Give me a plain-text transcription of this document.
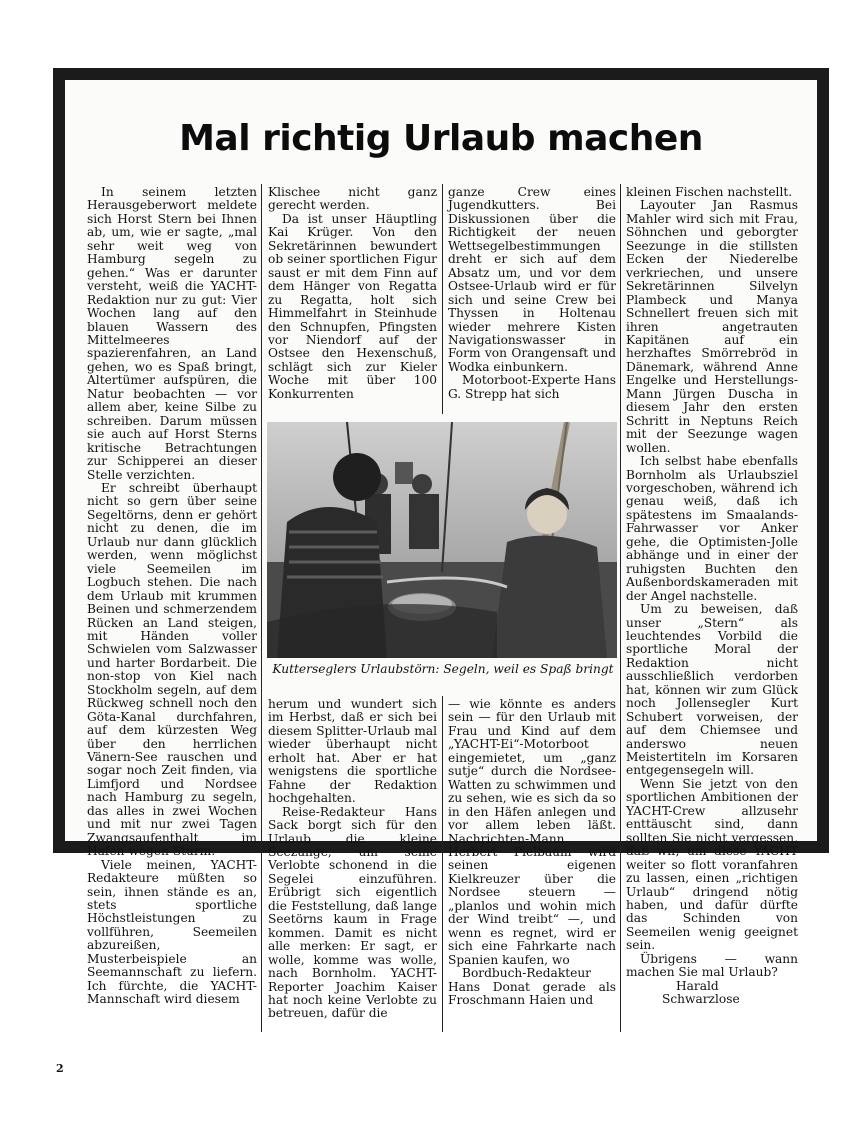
Mal richtig Urlaub machen

In seinem letzten Herausgeberwort meldete sich Horst Stern bei Ihnen ab, um, wie er sagte, „mal sehr weit weg von Hamburg segeln zu gehen.“ Was er darunter versteht, weiß die YACHT-Redaktion nur zu gut: Vier Wochen lang auf den blauen Wassern des Mittelmeeres spazierenfahren, an Land gehen, wo es Spaß bringt, Altertümer aufspüren, die Natur beobachten — vor allem aber, keine Silbe zu schreiben. Darum müssen sie auch auf Horst Sterns kritische Betrachtungen zur Schipperei an dieser Stelle verzichten.

Er schreibt überhaupt nicht so gern über seine Segeltörns, denn er gehört nicht zu denen, die im Urlaub nur dann glücklich werden, wenn möglichst viele Seemeilen im Logbuch stehen. Die nach dem Urlaub mit krummen Beinen und schmerzendem Rücken an Land steigen, mit Händen voller Schwielen vom Salzwasser und harter Bordarbeit. Die non-stop von Kiel nach Stockholm segeln, auf dem Rückweg schnell noch den Göta-Kanal durchfahren, auf dem kürzesten Weg über den herrlichen Vänern-See rauschen und sogar noch Zeit finden, via Limfjord und Nordsee nach Hamburg zu segeln, das alles in zwei Wochen und mit nur zwei Tagen Zwangsaufenthalt im Hafen wegen Sturm.

Viele meinen, YACHT-Redakteure müßten so sein, ihnen stände es an, stets sportliche Höchstleistungen zu vollführen, Seemeilen abzureißen, Musterbeispiele an Seemannschaft zu liefern. Ich fürchte, die YACHT-Mannschaft wird diesem

Klischee nicht ganz gerecht werden.

Da ist unser Häuptling Kai Krüger. Von den Sekretärinnen bewundert ob seiner sportlichen Figur saust er mit dem Finn auf dem Hänger von Regatta zu Regatta, holt sich Himmelfahrt in Steinhude den Schnupfen, Pfingsten vor Niendorf auf der Ostsee den Hexenschuß, schlägt sich zur Kieler Woche mit über 100 Konkurrenten

ganze Crew eines Jugendkutters. Bei Diskussionen über die Richtigkeit der neuen Wettsegelbestimmungen dreht er sich auf dem Absatz um, und vor dem Ostsee-Urlaub wird er für sich und seine Crew bei Thyssen in Holtenau wieder mehrere Kisten Navigationswasser in Form von Orangensaft und Wodka einbunkern.

Motorboot-Experte Hans G. Strepp hat sich

Kutterseglers Urlaubstörn: Segeln, weil es Spaß bringt

herum und wundert sich im Herbst, daß er sich bei diesem Splitter-Urlaub mal wieder überhaupt nicht erholt hat. Aber er hat wenigstens die sportliche Fahne der Redaktion hochgehalten.

Reise-Redakteur Hans Sack borgt sich für den Urlaub die kleine Seezunge, um seine Verlobte schonend in die Segelei einzuführen. Erübrigt sich eigentlich die Feststellung, daß lange Seetörns kaum in Frage kommen. Damit es nicht alle merken: Er sagt, er wolle, komme was wolle, nach Bornholm. YACHT-Reporter Joachim Kaiser hat noch keine Verlobte zu betreuen, dafür die

— wie könnte es anders sein — für den Urlaub mit Frau und Kind auf dem „YACHT-Ei“-Motorboot eingemietet, um „ganz sutje“ durch die Nordsee-Watten zu schwimmen und zu sehen, wie es sich da so in den Häfen anlegen und vor allem leben läßt. Nachrichten-Mann Herbert Pielbaum wird seinen eigenen Kielkreuzer über die Nordsee steuern — „planlos und wohin mich der Wind treibt“ —, und wenn es regnet, wird er sich eine Fahrkarte nach Spanien kaufen, wo

Bordbuch-Redakteur Hans Donat gerade als Froschmann Haien und

kleinen Fischen nachstellt.

Layouter Jan Rasmus Mahler wird sich mit Frau, Söhnchen und geborgter Seezunge in die stillsten Ecken der Niederelbe verkriechen, und unsere Sekretärinnen Silvelyn Plambeck und Manya Schnellert freuen sich mit ihren angetrauten Kapitänen auf ein herzhaftes Smörrebröd in Dänemark, während Anne Engelke und Herstellungs-Mann Jürgen Duscha in diesem Jahr den ersten Schritt in Neptuns Reich mit der Seezunge wagen wollen.

Ich selbst habe ebenfalls Bornholm als Urlaubsziel vorgeschoben, während ich genau weiß, daß ich spätestens im Smaalands-Fahrwasser vor Anker gehe, die Optimisten-Jolle abhänge und in einer der ruhigsten Buchten den Außenbordskameraden mit der Angel nachstelle.

Um zu beweisen, daß unser „Stern“ als leuchtendes Vorbild die sportliche Moral der Redaktion nicht ausschließlich verdorben hat, können wir zum Glück noch Jollensegler Kurt Schubert vorweisen, der auf dem Chiemsee und anderswo neuen Meistertiteln im Korsaren entgegensegeln will.

Wenn Sie jetzt von den sportlichen Ambitionen der YACHT-Crew allzusehr enttäuscht sind, dann sollten Sie nicht vergessen, daß wir, um diese YACHT weiter so flott voranfahren zu lassen, einen „richtigen Urlaub“ dringend nötig haben, und dafür dürfte das Schinden von Seemeilen wenig geeignet sein.

Übrigens — wann machen Sie mal Urlaub?

Harald Schwarzlose

2
